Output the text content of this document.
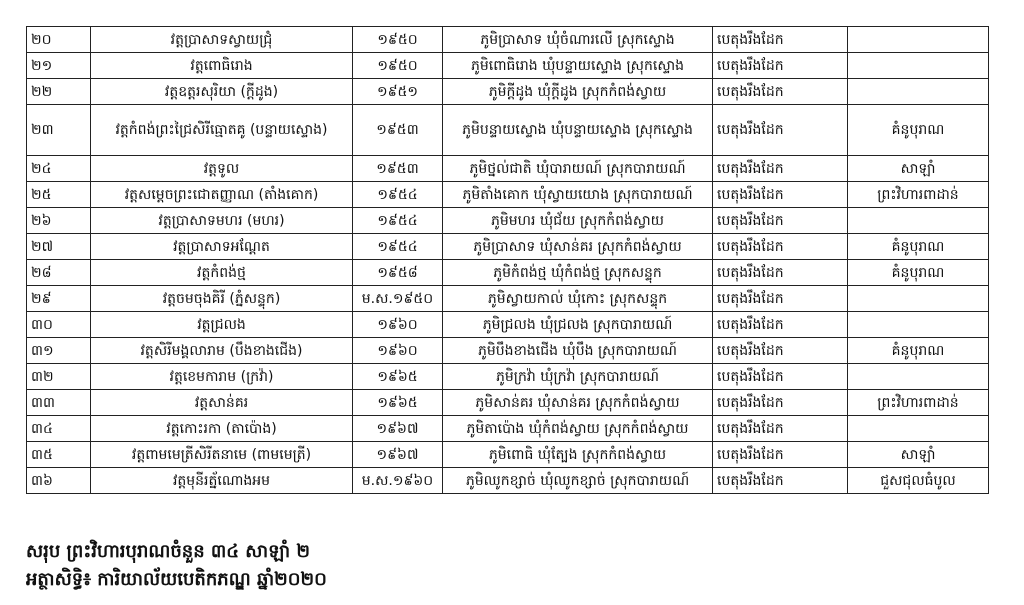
២០	វត្តប្រាសាទស្វាយជ្រុំ	១៩៥០	ភូមិប្រាសាទ ឃុំចំណារលើ ស្រុកស្ទោង	បេតុងរឹងដែក	
២១	វត្តពោធិរោង	១៩៥០	ភូមិពោធិរោង ឃុំបន្ទាយស្ទោង ស្រុកស្ទោង	បេតុងរឹងដែក	
២២	វត្តឧត្តរសុរិយា (ក្តីដូង)	១៩៥១	ភូមិក្តីដូង ឃុំក្តីដូង ស្រុកកំពង់ស្វាយ	បេតុងរឹងដែក	
២៣	វត្តកំពង់ព្រះជ្រៃសិរីធ្មោតគូ (បន្ទាយស្ទោង)	១៩៥៣	ភូមិបន្ទាយស្ទោង ឃុំបន្ទាយស្ទោង ស្រុកស្ទោង	បេតុងរឹងដែក	គំនូបុរាណ
២៤	វត្តទូល	១៩៥៣	ភូមិថ្នល់ជាតិ ឃុំបារាយណ៍ ស្រុកបារាយណ៍	បេតុងរឹងដែក	សាឡាំ
២៥	វត្តសម្តេចព្រះជោតញ្ញាណ (តាំងគោក)	១៩៥៤	ភូមិតាំងគោក ឃុំស្វាយយោង ស្រុកបារាយណ៍	បេតុងរឹងដែក	ព្រះវិហារពាដាន់
២៦	វត្តប្រាសាទមហរ (មហរ)	១៩៥៤	ភូមិមហរ ឃុំជ័យ ស្រុកកំពង់ស្វាយ	បេតុងរឹងដែក	
២៧	វត្តប្រាសាទអណ្តែត	១៩៥៤	ភូមិប្រាសាទ ឃុំសាន់គរ ស្រុកកំពង់ស្វាយ	បេតុងរឹងដែក	គំនូបុរាណ
២៨	វត្តកំពង់ថ្ម	១៩៥៨	ភូមិកំពង់ថ្ម ឃុំកំពង់ថ្ម ស្រុកសន្ទុក	បេតុងរឹងដែក	គំនូបុរាណ
២៩	វត្តចមចុងគិរី (ភ្នំសន្ទុក)	ម.ស.១៩៥០	ភូមិស្វាយកាល់ ឃុំកោះ ស្រុកសន្ទុក	បេតុងរឹងដែក	
៣០	វត្តជ្រលង	១៩៦០	ភូមិជ្រលង ឃុំជ្រលង ស្រុកបារាយណ៍	បេតុងរឹងដែក	
៣១	វត្តសិរីមង្គលារាម (បឹងខាងជើង)	១៩៦០	ភូមិបឹងខាងជើង ឃុំបឹង ស្រុកបារាយណ៍	បេតុងរឹងដែក	គំនូបុរាណ
៣២	វត្តខេមការាម (ក្រវ៉ា)	១៩៦៥	ភូមិក្រវ៉ា ឃុំក្រវ៉ា ស្រុកបារាយណ៍	បេតុងរឹងដែក	
៣៣	វត្តសាន់គរ	១៩៦៥	ភូមិសាន់គរ ឃុំសាន់គរ ស្រុកកំពង់ស្វាយ	បេតុងរឹងដែក	ព្រះវិហារពាដាន់
៣៤	វត្តកោះរកា (តាប៉ោង)	១៩៦៧	ភូមិតាប៉ោង ឃុំកំពង់ស្វាយ ស្រុកកំពង់ស្វាយ	បេតុងរឹងដែក	
៣៥	វត្តពាមមេត្រីសិរីតនាមេ (ពាមមេត្រី)	១៩៦៧	ភូមិពោធិ ឃុំត្បែង ស្រុកកំពង់ស្វាយ	បេតុងរឹងដែក	សាឡាំ
៣៦	វត្តមុនីរត្ន័ណោងអម	ម.ស.១៩៦០	ភូមិឈូកខ្សាច់ ឃុំឈូកខ្សាច់ ស្រុកបារាយណ៍	បេតុងរឹងដែក	ជួសជុលធំបូល
សរុប ព្រះវិហារបុរាណចំនួន ៣៤ សាឡាំ ២
អត្ថាសិទ្ធិ៖ ការិយាល័យបេតិកភណ្ឌ ឆ្នាំ២០២០
